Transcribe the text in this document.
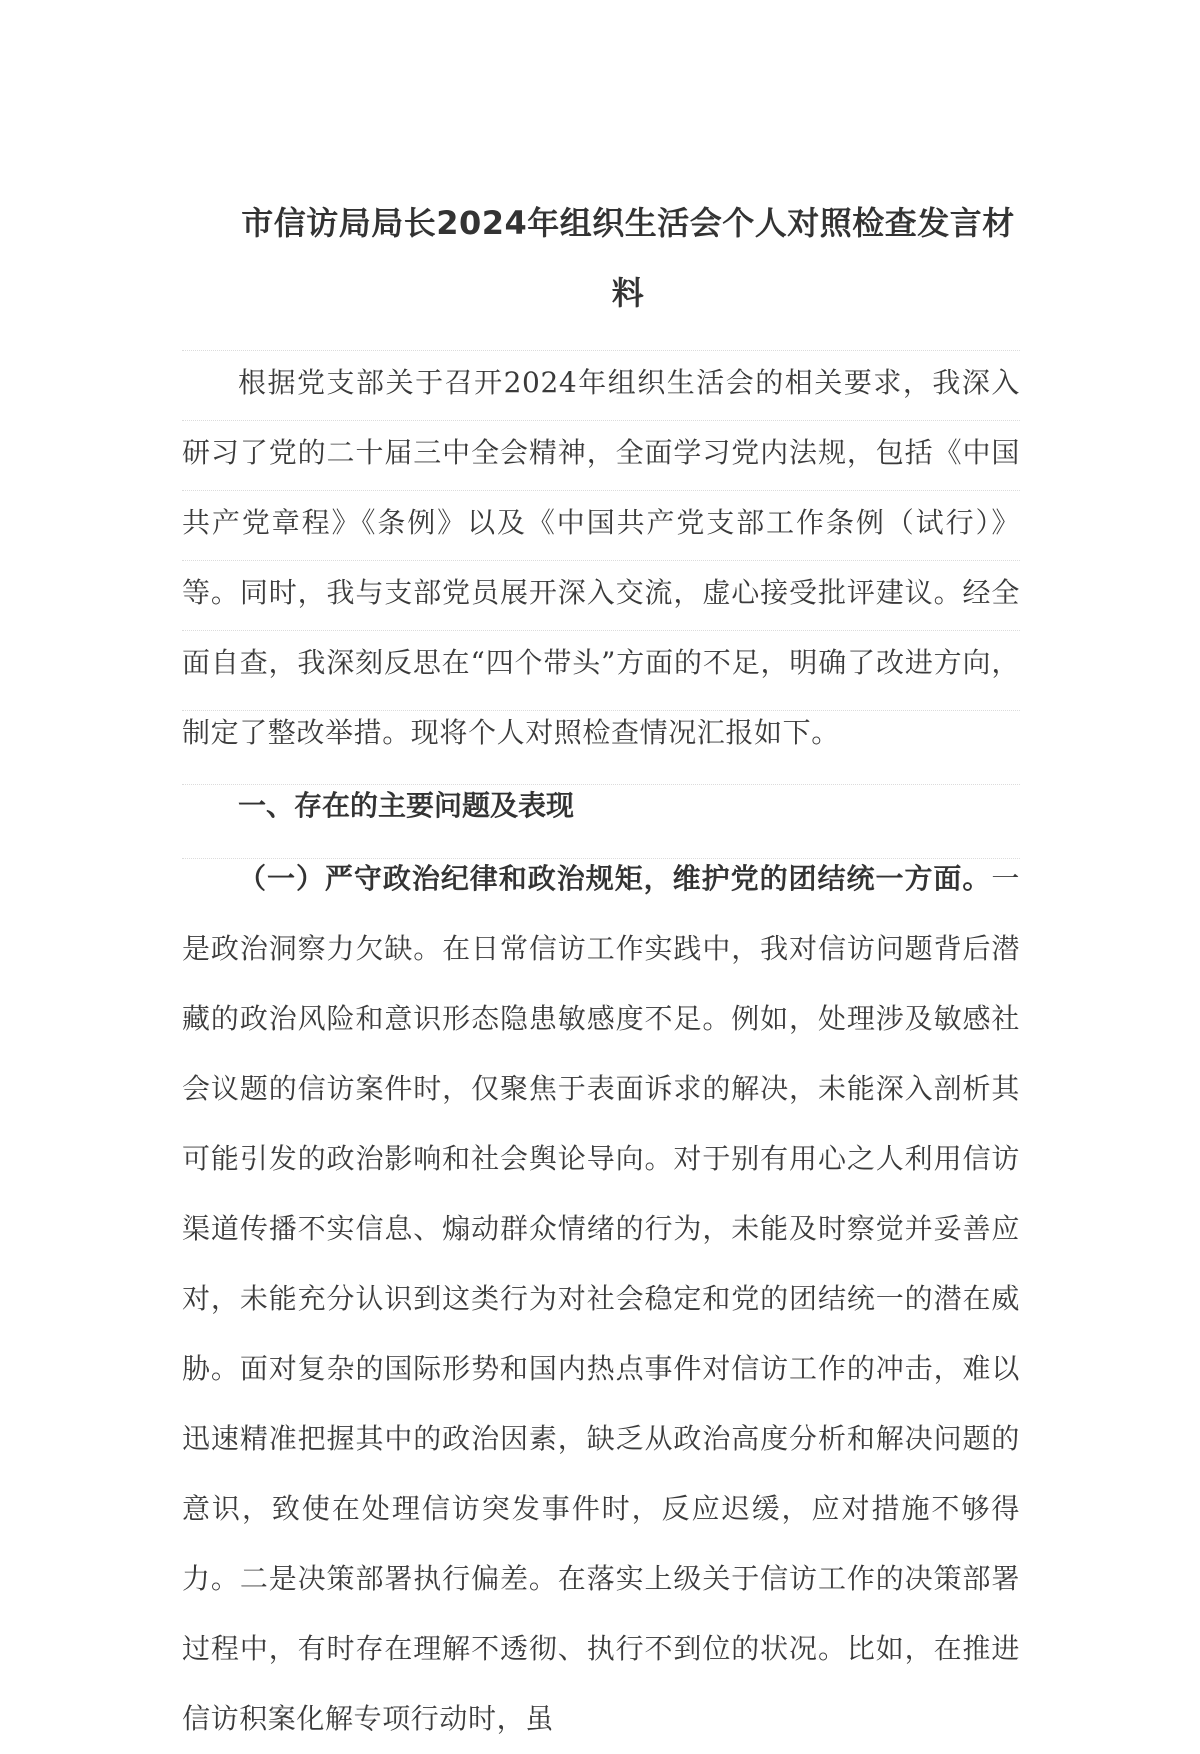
市信访局局长2024年组织生活会个人对照检查发言材料

根据党支部关于召开2024年组织生活会的相关要求，我深入研习了党的二十届三中全会精神，全面学习党内法规，包括《中国共产党章程》《条例》以及《中国共产党支部工作条例（试行）》等。同时，我与支部党员展开深入交流，虚心接受批评建议。经全面自查，我深刻反思在“四个带头”方面的不足，明确了改进方向，制定了整改举措。现将个人对照检查情况汇报如下。

一、存在的主要问题及表现

（一）严守政治纪律和政治规矩，维护党的团结统一方面。一是政治洞察力欠缺。在日常信访工作实践中，我对信访问题背后潜藏的政治风险和意识形态隐患敏感度不足。例如，处理涉及敏感社会议题的信访案件时，仅聚焦于表面诉求的解决，未能深入剖析其可能引发的政治影响和社会舆论导向。对于别有用心之人利用信访渠道传播不实信息、煽动群众情绪的行为，未能及时察觉并妥善应对，未能充分认识到这类行为对社会稳定和党的团结统一的潜在威胁。面对复杂的国际形势和国内热点事件对信访工作的冲击，难以迅速精准把握其中的政治因素，缺乏从政治高度分析和解决问题的意识，致使在处理信访突发事件时，反应迟缓，应对措施不够得力。二是决策部署执行偏差。在落实上级关于信访工作的决策部署过程中，有时存在理解不透彻、执行不到位的状况。比如，在推进信访积案化解专项行动时，虽
